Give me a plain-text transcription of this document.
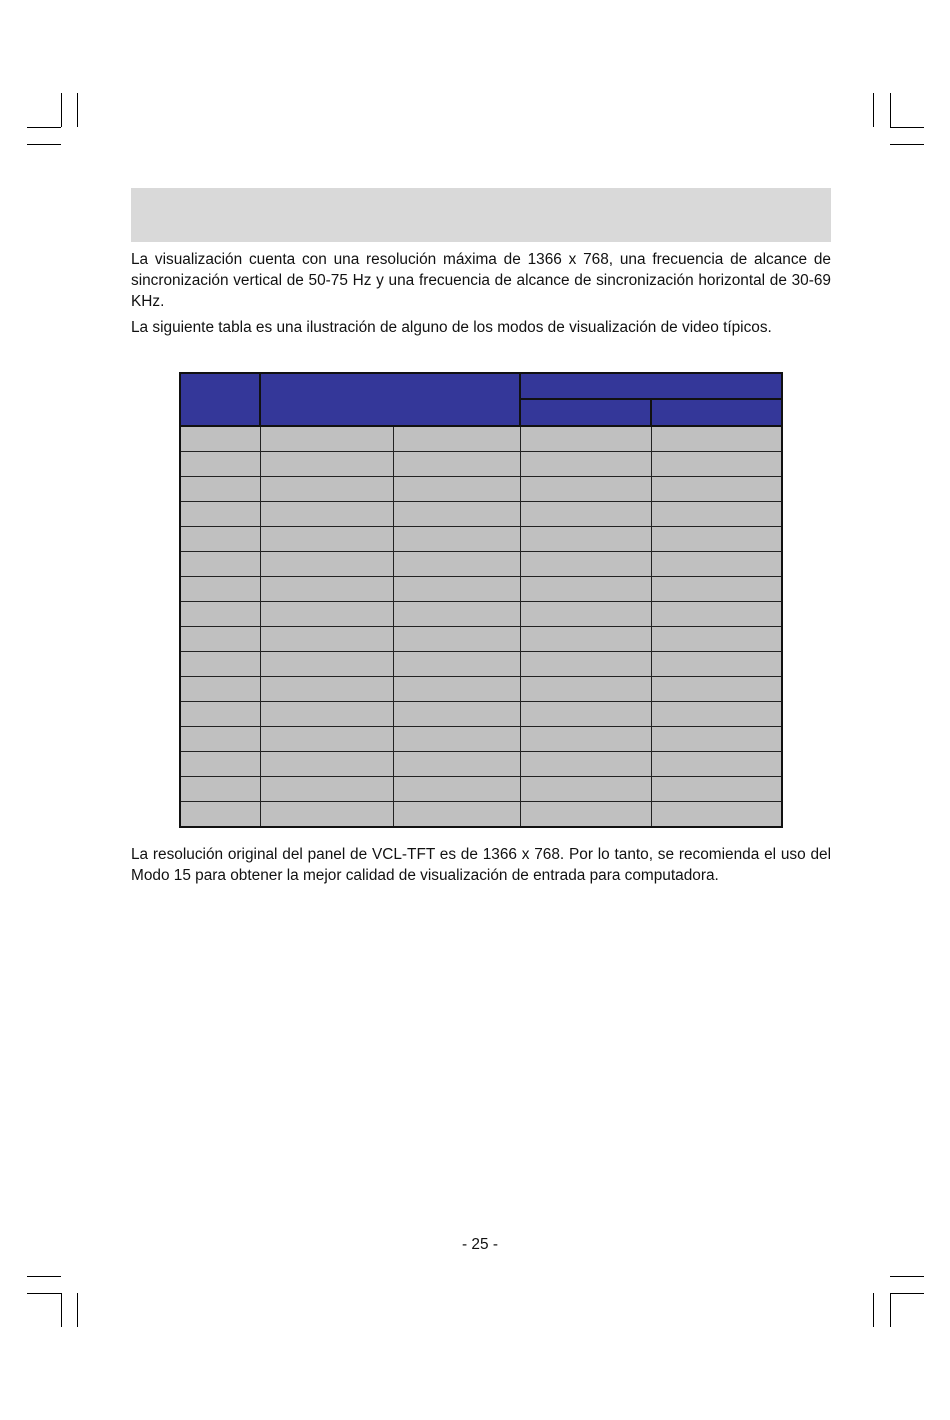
La visualización cuenta con una resolución máxima de 1366 x 768, una frecuencia de alcance de sincronización vertical de 50-75 Hz y una frecuencia de alcance de sincronización horizontal de 30-69 KHz.

La siguiente tabla es una ilustración de alguno de los modos de visualización de video típicos.

La resolución original del panel de VCL-TFT es de 1366 x 768. Por lo tanto, se recomienda el uso del Modo 15 para obtener la mejor calidad de visualización de entrada para computadora.

- 25 -
